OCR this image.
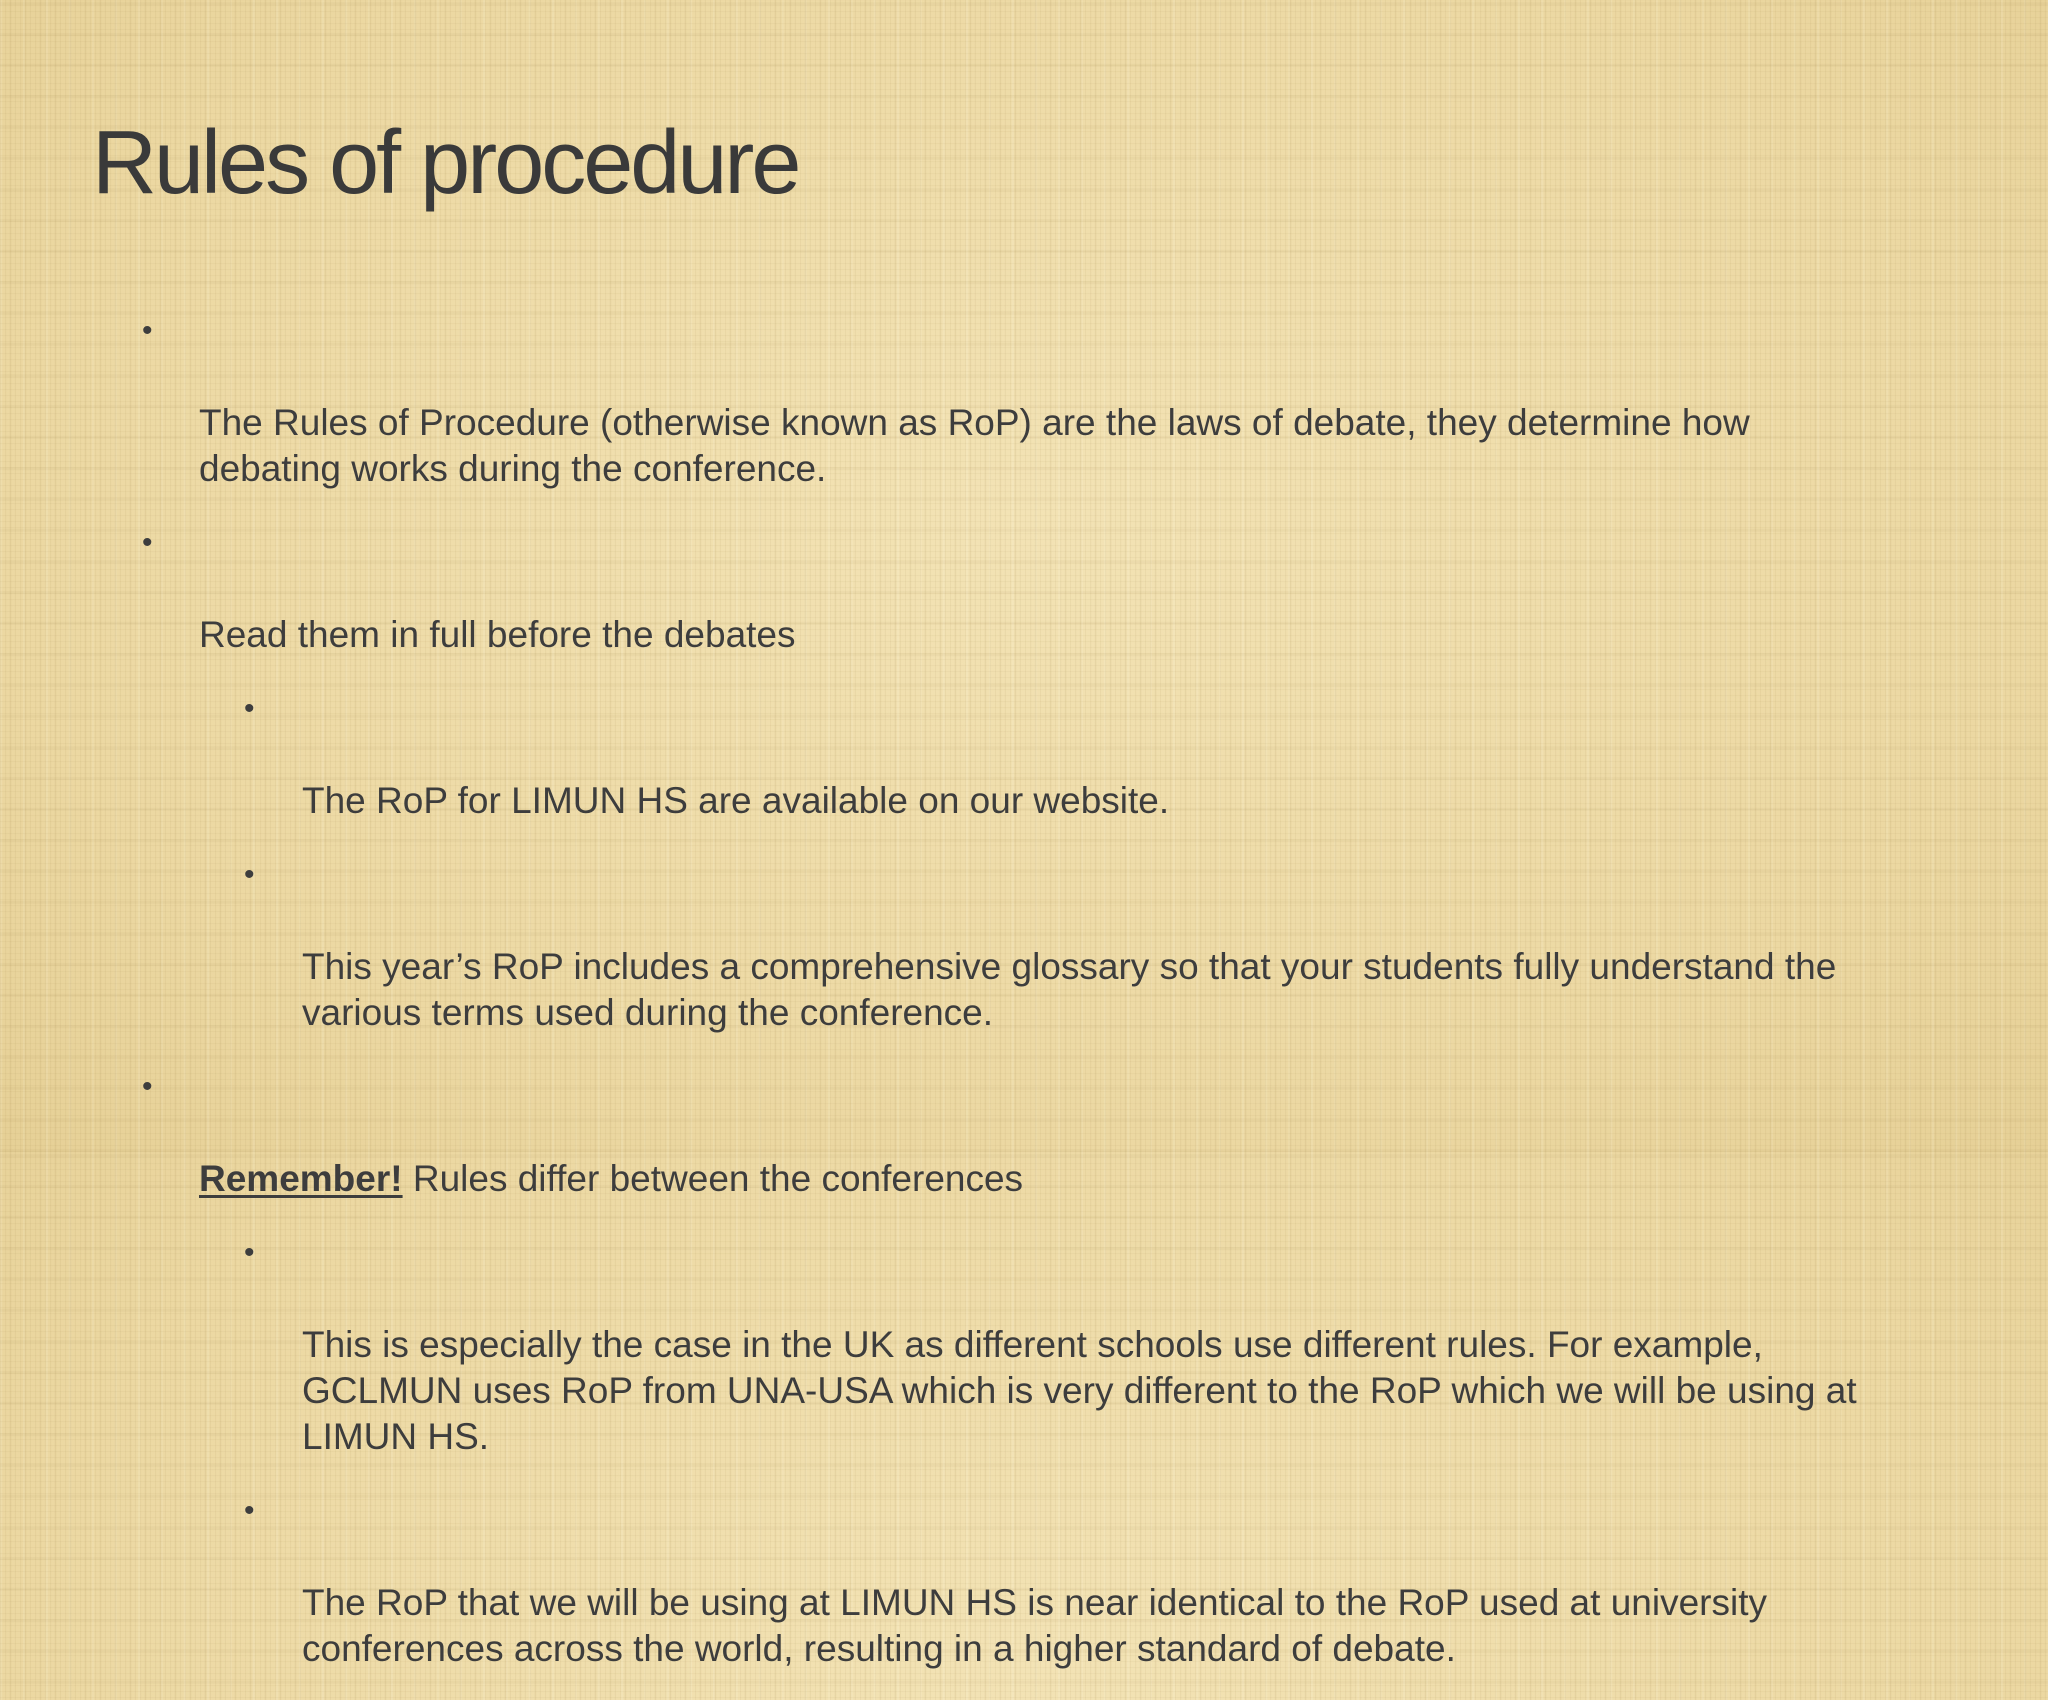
Rules of procedure

•

The Rules of Procedure (otherwise known as RoP) are the laws of debate, they determine how
debating works during the conference.

•

Read them in full before the debates

•

The RoP for LIMUN HS are available on our website.

•

This year’s RoP includes a comprehensive glossary so that your students fully understand the
various terms used during the conference.

•

Remember! Rules differ between the conferences

•

This is especially the case in the UK as different schools use different rules. For example,
GCLMUN uses RoP from UNA-USA which is very different to the RoP which we will be using at
LIMUN HS.

•

The RoP that we will be using at LIMUN HS is near identical to the RoP used at university
conferences across the world, resulting in a higher standard of debate.
